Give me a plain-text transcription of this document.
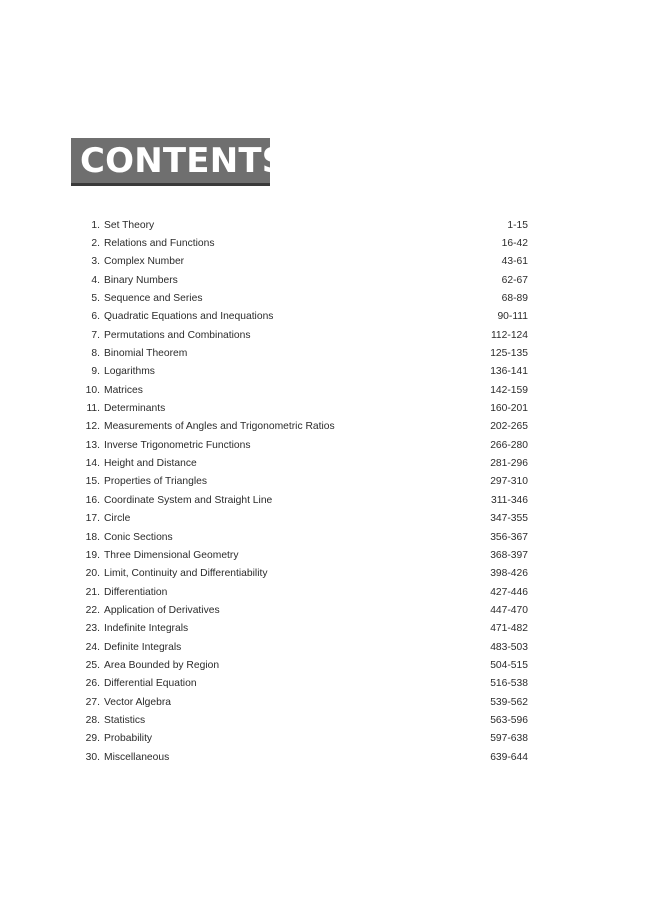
CONTENTS
1. Set Theory	1-15
2. Relations and Functions	16-42
3. Complex Number	43-61
4. Binary Numbers	62-67
5. Sequence and Series	68-89
6. Quadratic Equations and Inequations	90-111
7. Permutations and Combinations	112-124
8. Binomial Theorem	125-135
9. Logarithms	136-141
10. Matrices	142-159
11. Determinants	160-201
12. Measurements of Angles and Trigonometric Ratios	202-265
13. Inverse Trigonometric Functions	266-280
14. Height and Distance	281-296
15. Properties of Triangles	297-310
16. Coordinate System and Straight Line	311-346
17. Circle	347-355
18. Conic Sections	356-367
19. Three Dimensional Geometry	368-397
20. Limit, Continuity and Differentiability	398-426
21. Differentiation	427-446
22. Application of Derivatives	447-470
23. Indefinite Integrals	471-482
24. Definite Integrals	483-503
25. Area Bounded by Region	504-515
26. Differential Equation	516-538
27. Vector Algebra	539-562
28. Statistics	563-596
29. Probability	597-638
30. Miscellaneous	639-644
